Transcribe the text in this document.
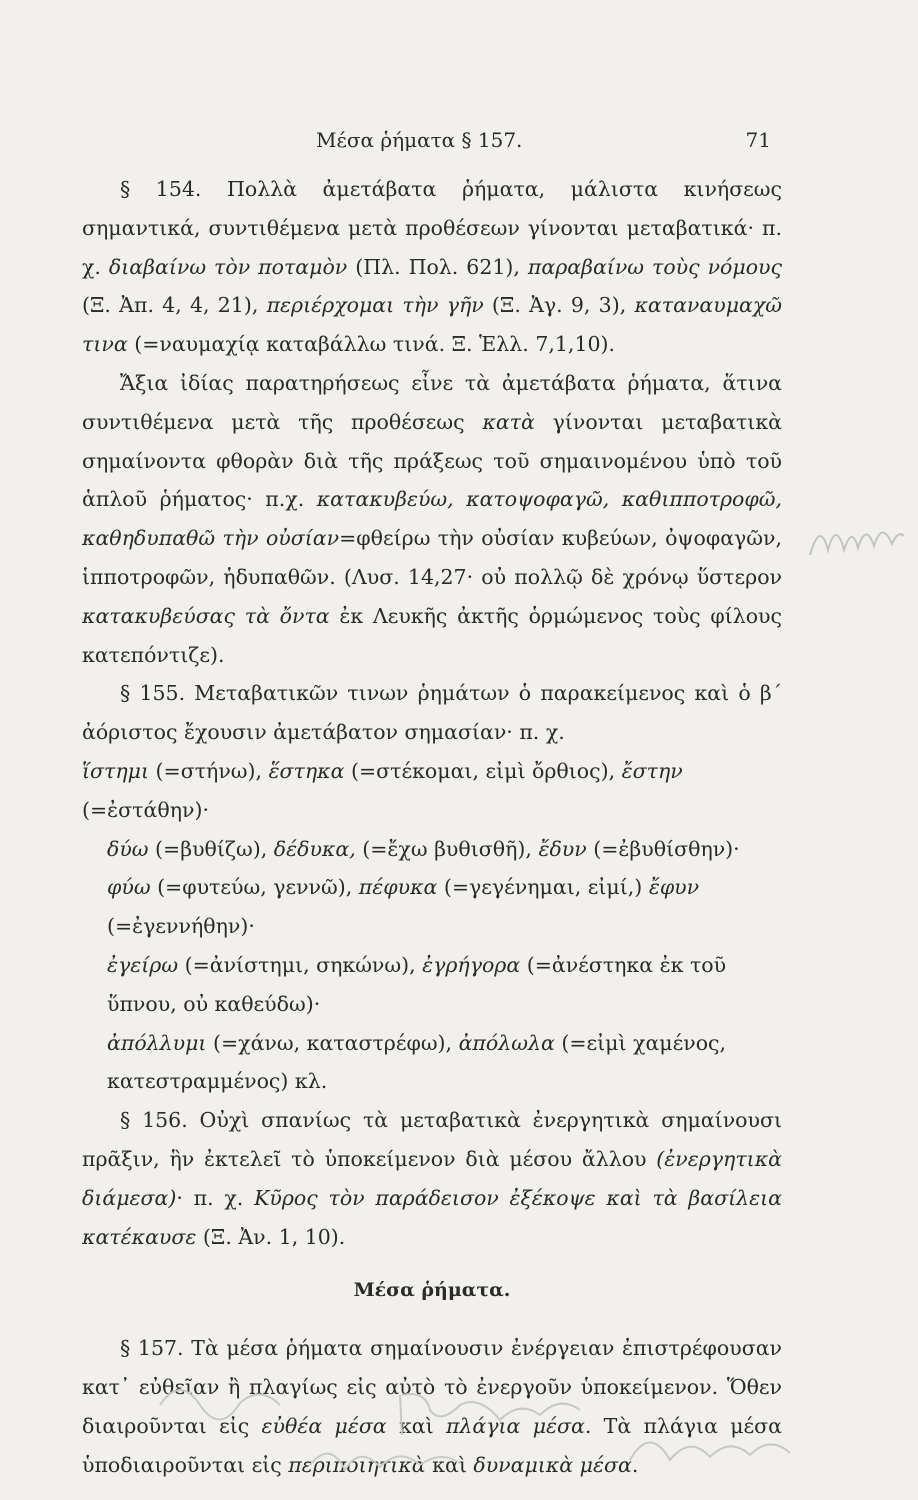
Μέσα ῥήματα § 157.	71

§ 154. Πολλὰ ἀμετάβατα ῥήματα, μάλιστα κινήσεως σημαντικά, συντιθέμενα μετὰ προθέσεων γίνονται μεταβατικά· π. χ. διαβαίνω τὸν ποταμὸν (Πλ. Πολ. 621), παραβαίνω τοὺς νόμους (Ξ. Ἀπ. 4, 4, 21), περιέρχομαι τὴν γῆν (Ξ. Ἀγ. 9, 3), καταναυμαχῶ τινα (=ναυμαχίᾳ καταβάλλω τινά. Ξ. Ἑλλ. 7,1,10).

Ἄξια ἰδίας παρατηρήσεως εἶνε τὰ ἀμετάβατα ῥήματα, ἅτινα συντιθέμενα μετὰ τῆς προθέσεως κατὰ γίνονται μεταβατικὰ σημαίνοντα φθορὰν διὰ τῆς πράξεως τοῦ σημαινομένου ὑπὸ τοῦ ἁπλοῦ ῥήματος· π.χ. κατακυβεύω, κατοψοφαγῶ, καθιπποτροφῶ, καθηδυπαθῶ τὴν οὐσίαν=φθείρω τὴν οὐσίαν κυβεύων, ὀψοφαγῶν, ἱπποτροφῶν, ἡδυπαθῶν. (Λυσ. 14,27· οὐ πολλῷ δὲ χρόνῳ ὕστερον κατακυβεύσας τὰ ὄντα ἐκ Λευκῆς ἀκτῆς ὁρμώμενος τοὺς φίλους κατεπόντιζε).

§ 155. Μεταβατικῶν τινων ῥημάτων ὁ παρακείμενος καὶ ὁ β´ ἀόριστος ἔχουσιν ἀμετάβατον σημασίαν· π. χ.

ἵστημι (=στήνω), ἕστηκα (=στέκομαι, εἰμὶ ὄρθιος), ἔστην (=ἐστάθην)·

δύω (=βυθίζω), δέδυκα, (=ἔχω βυθισθῆ), ἔδυν (=ἐβυθίσθην)·

φύω (=φυτεύω, γεννῶ), πέφυκα (=γεγένημαι, εἰμί,) ἔφυν (=ἐγεννήθην)·

ἐγείρω (=ἀνίστημι, σηκώνω), ἐγρήγορα (=ἀνέστηκα ἐκ τοῦ ὕπνου, οὐ καθεύδω)·

ἀπόλλυμι (=χάνω, καταστρέφω), ἀπόλωλα (=εἰμὶ χαμένος, κατεστραμμένος) κλ.

§ 156. Οὐχὶ σπανίως τὰ μεταβατικὰ ἐνεργητικὰ σημαίνουσι πρᾶξιν, ἣν ἐκτελεῖ τὸ ὑποκείμενον διὰ μέσου ἄλλου (ἐνεργητικὰ διάμεσα)· π. χ. Κῦρος τὸν παράδεισον ἐξέκοψε καὶ τὰ βασίλεια κατέκαυσε (Ξ. Ἀν. 1, 10).

Μέσα ῥήματα.

§ 157. Τὰ μέσα ῥήματα σημαίνουσιν ἐνέργειαν ἐπιστρέφουσαν κατ᾽ εὐθεῖαν ἢ πλαγίως εἰς αὐτὸ τὸ ἐνεργοῦν ὑποκείμενον. Ὅθεν διαιροῦνται εἰς εὐθέα μέσα καὶ πλάγια μέσα. Τὰ πλάγια μέσα ὑποδιαιροῦνται εἰς περιποιητικὰ καὶ δυναμικὰ μέσα.
